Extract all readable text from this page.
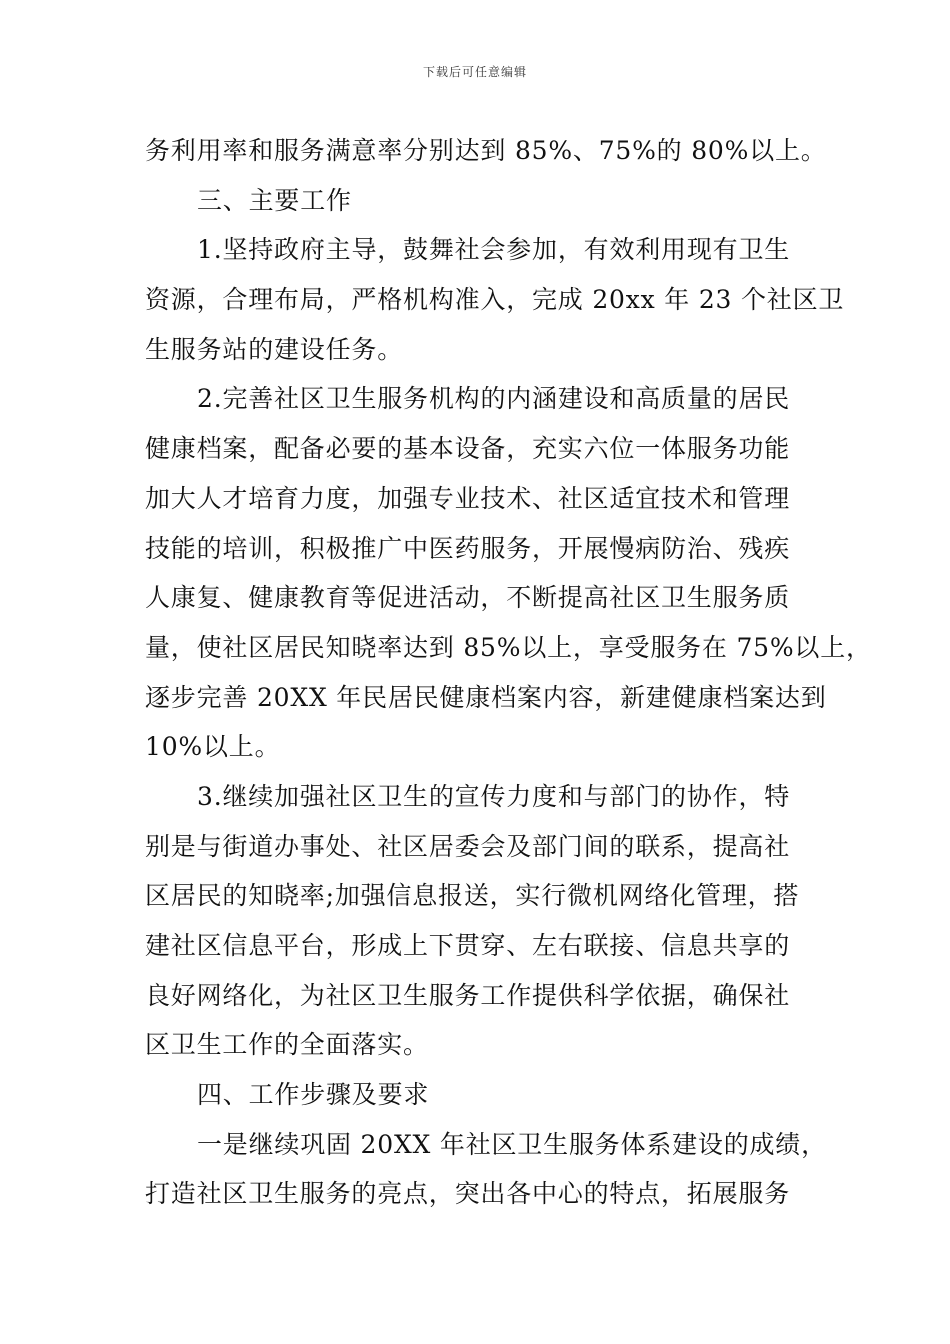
下载后可任意编辑
务利用率和服务满意率分别达到 85%、75%的 80%以上。
三、主要工作
1.坚持政府主导，鼓舞社会参加，有效利用现有卫生
资源，合理布局，严格机构准入，完成 20xx 年 23 个社区卫
生服务站的建设任务。
2.完善社区卫生服务机构的内涵建设和高质量的居民
健康档案，配备必要的基本设备，充实六位一体服务功能
加大人才培育力度，加强专业技术、社区适宜技术和管理
技能的培训，积极推广中医药服务，开展慢病防治、残疾
人康复、健康教育等促进活动，不断提高社区卫生服务质
量，使社区居民知晓率达到 85%以上，享受服务在 75%以上，
逐步完善 20XX 年民居民健康档案内容，新建健康档案达到
10%以上。
3.继续加强社区卫生的宣传力度和与部门的协作，特
别是与街道办事处、社区居委会及部门间的联系，提高社
区居民的知晓率;加强信息报送，实行微机网络化管理，搭
建社区信息平台，形成上下贯穿、左右联接、信息共享的
良好网络化，为社区卫生服务工作提供科学依据，确保社
区卫生工作的全面落实。
四、工作步骤及要求
一是继续巩固 20XX 年社区卫生服务体系建设的成绩，
打造社区卫生服务的亮点，突出各中心的特点，拓展服务
